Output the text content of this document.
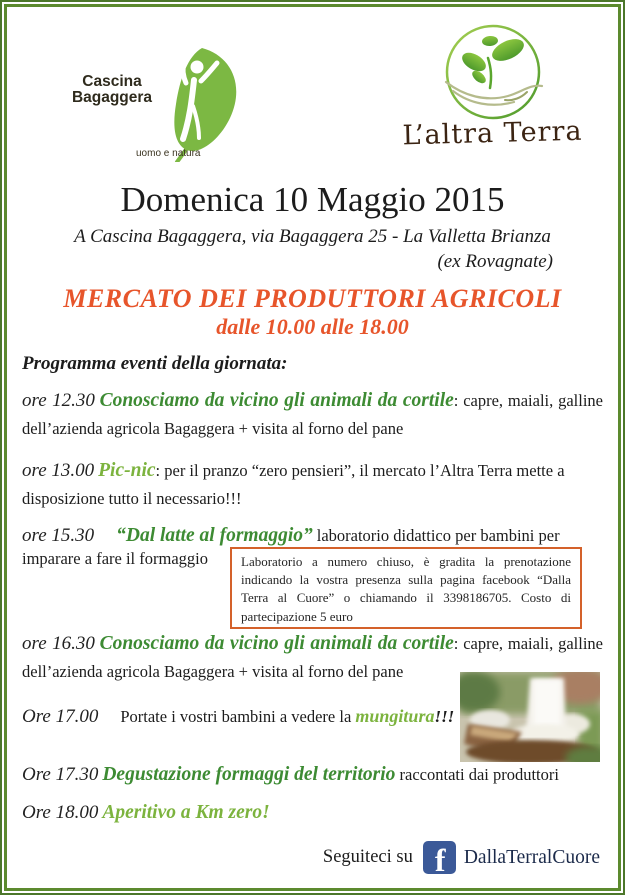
Cascina
Bagaggera
uomo e natura
L’altra Terra
Domenica 10 Maggio 2015
A Cascina Bagaggera, via Bagaggera 25 - La Valletta Brianza
(ex Rovagnate)
MERCATO DEI PRODUTTORI AGRICOLI
dalle 10.00 alle 18.00
Programma eventi della giornata:

ore 12.30 Conosciamo da vicino gli animali da cortile: capre, maiali, galline dell’azienda agricola Bagaggera + visita al forno del pane

ore 13.00 Pic-nic: per il pranzo “zero pensieri”, il mercato l’Altra Terra mette a disposizione tutto il necessario!!!

ore 15.30 “Dal latte al formaggio” laboratorio didattico per bambini per

imparare a fare il formaggio	Laboratorio a numero chiuso, è gradita la prenotazione indicando la vostra presenza sulla pagina facebook “Dalla Terra al Cuore” o chiamando il 3398186705. Costo di partecipazione 5 euro

ore 16.30 Conosciamo da vicino gli animali da cortile: capre, maiali, galline dell’azienda agricola Bagaggera + visita al forno del pane

Ore 17.00 Portate i vostri bambini a vedere la mungitura!!!

Ore 17.30 Degustazione formaggi del territorio raccontati dai produttori

Ore 18.00 Aperitivo a Km zero!

Seguiteci su f DallaTerralCuore
